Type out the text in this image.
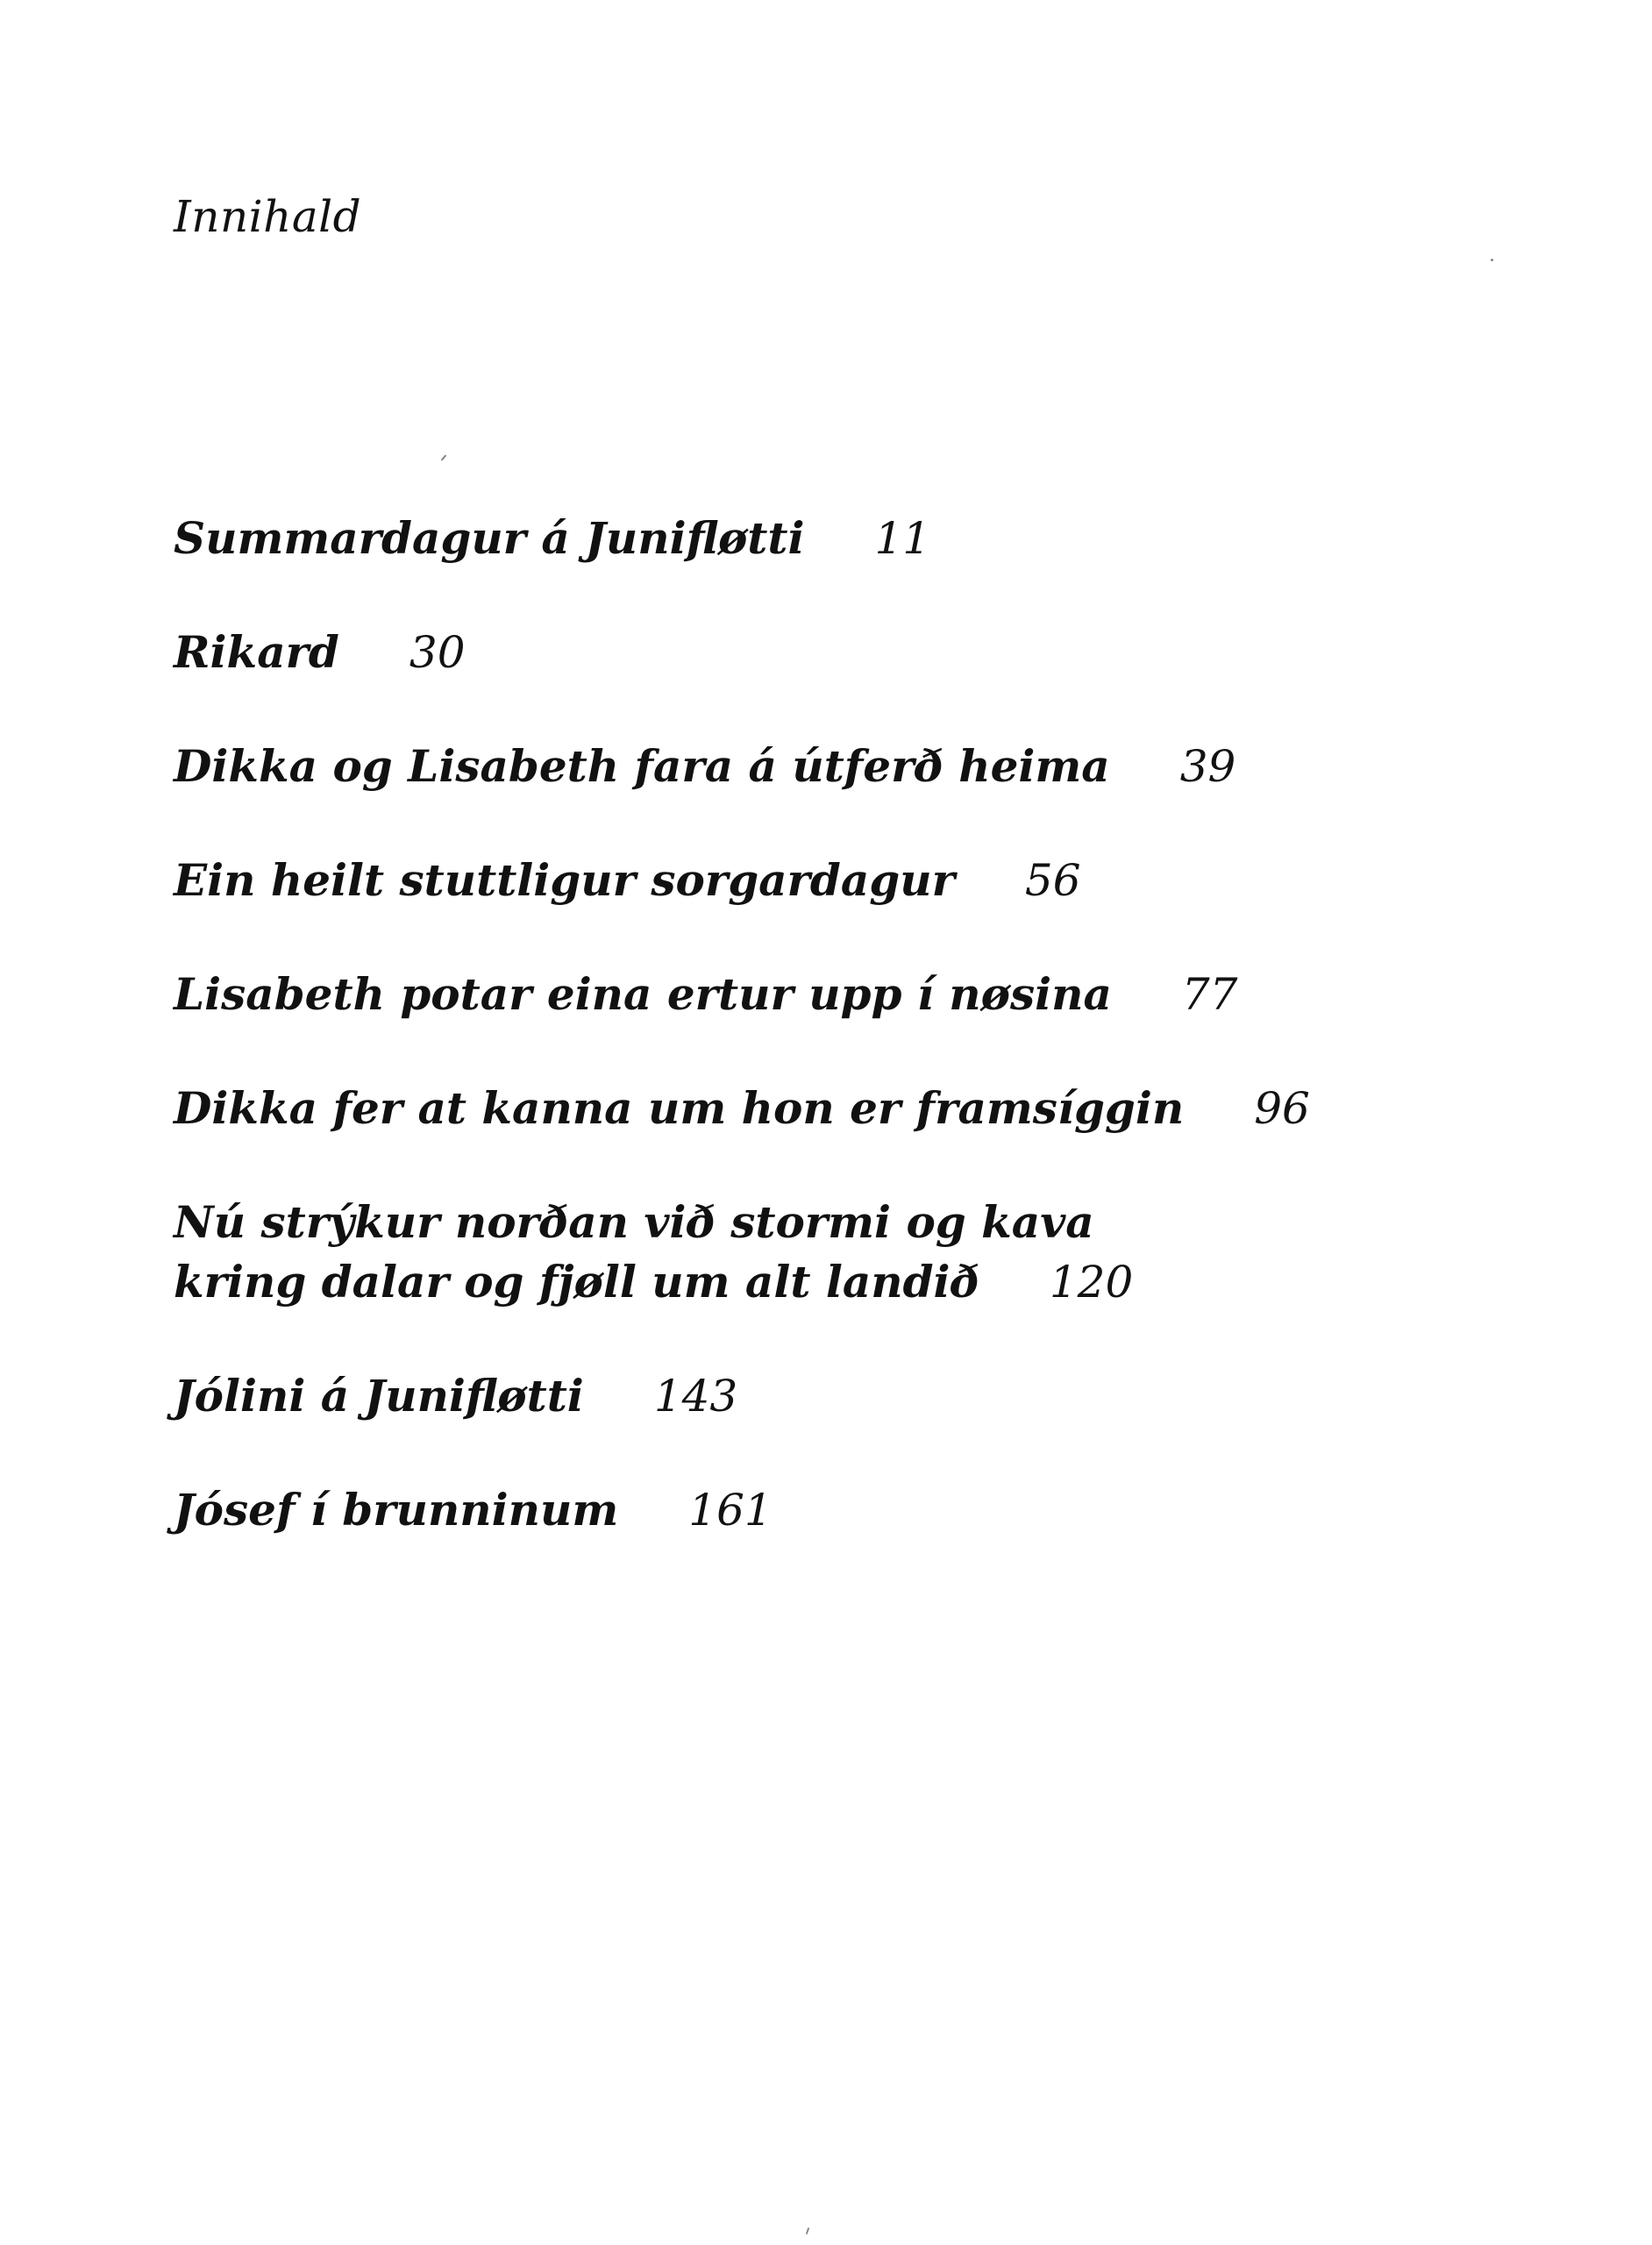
Innihald
Summardagur á Junifløtti 11
Rikard 30
Dikka og Lisabeth fara á útferð heima 39
Ein heilt stuttligur sorgardagur 56
Lisabeth potar eina ertur upp í nøsina 77
Dikka fer at kanna um hon er framsíggin 96
Nú strýkur norðan við stormi og kava
kring dalar og fjøll um alt landið 120
Jólini á Junifløtti 143
Jósef í brunninum 161
